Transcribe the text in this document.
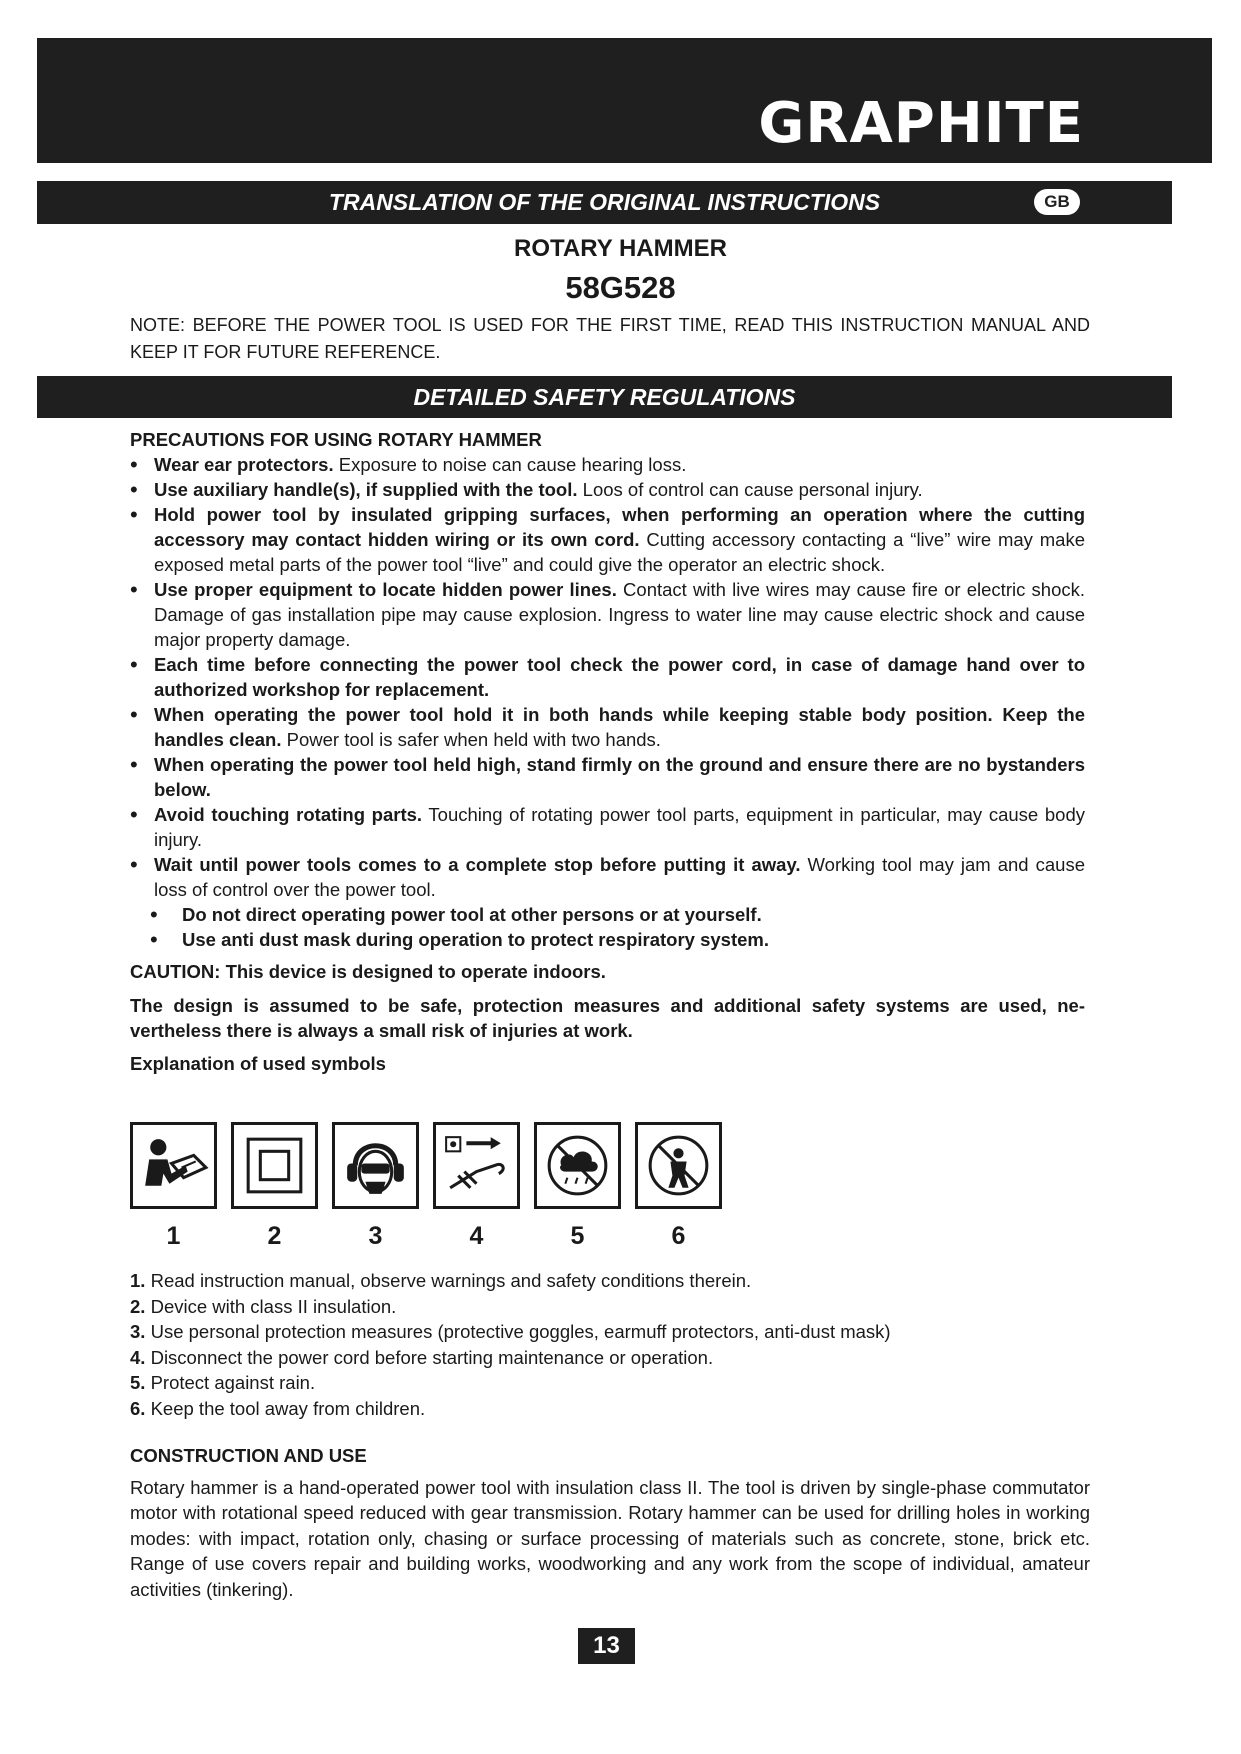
GRAPHITE
TRANSLATION OF THE ORIGINAL INSTRUCTIONS	GB
ROTARY HAMMER
58G528
NOTE: BEFORE THE POWER TOOL IS USED FOR THE FIRST TIME, READ THIS INSTRUCTION MANUAL AND KEEP IT FOR FUTURE REFERENCE.
DETAILED SAFETY REGULATIONS
PRECAUTIONS FOR USING ROTARY HAMMER
• Wear ear protectors. Exposure to noise can cause hearing loss.
• Use auxiliary handle(s), if supplied with the tool. Loos of control can cause personal injury.
• Hold power tool by insulated gripping surfaces, when performing an operation where the cutting accessory may contact hidden wiring or its own cord. Cutting accessory contacting a “live” wire may make exposed metal parts of the power tool “live” and could give the operator an electric shock.
• Use proper equipment to locate hidden power lines. Contact with live wires may cause fire or electric shock. Damage of gas installation pipe may cause explosion. Ingress to water line may cause electric shock and cause major property damage.
• Each time before connecting the power tool check the power cord, in case of damage hand over to authorized workshop for replacement.
• When operating the power tool hold it in both hands while keeping stable body position. Keep the handles clean. Power tool is safer when held with two hands.
• When operating the power tool held high, stand firmly on the ground and ensure there are no bystanders below.
• Avoid touching rotating parts. Touching of rotating power tool parts, equipment in particular, may cause body injury.
• Wait until power tools comes to a complete stop before putting it away. Working tool may jam and cause loss of control over the power tool.
• Do not direct operating power tool at other persons or at yourself.
• Use anti dust mask during operation to protect respiratory system.
CAUTION: This device is designed to operate indoors.
The design is assumed to be safe, protection measures and additional safety systems are used, ne-vertheless there is always a small risk of injuries at work.
Explanation of used symbols
1	2	3	4	5	6
1. Read instruction manual, observe warnings and safety conditions therein.
2. Device with class II insulation.
3. Use personal protection measures (protective goggles, earmuff protectors, anti-dust mask)
4. Disconnect the power cord before starting maintenance or operation.
5. Protect against rain.
6. Keep the tool away from children.
CONSTRUCTION AND USE
Rotary hammer is a hand-operated power tool with insulation class II. The tool is driven by single-phase commutator motor with rotational speed reduced with gear transmission. Rotary hammer can be used for drilling holes in working modes: with impact, rotation only, chasing or surface processing of materials such as concrete, stone, brick etc. Range of use covers repair and building works, woodworking and any work from the scope of individual, amateur activities (tinkering).
13
